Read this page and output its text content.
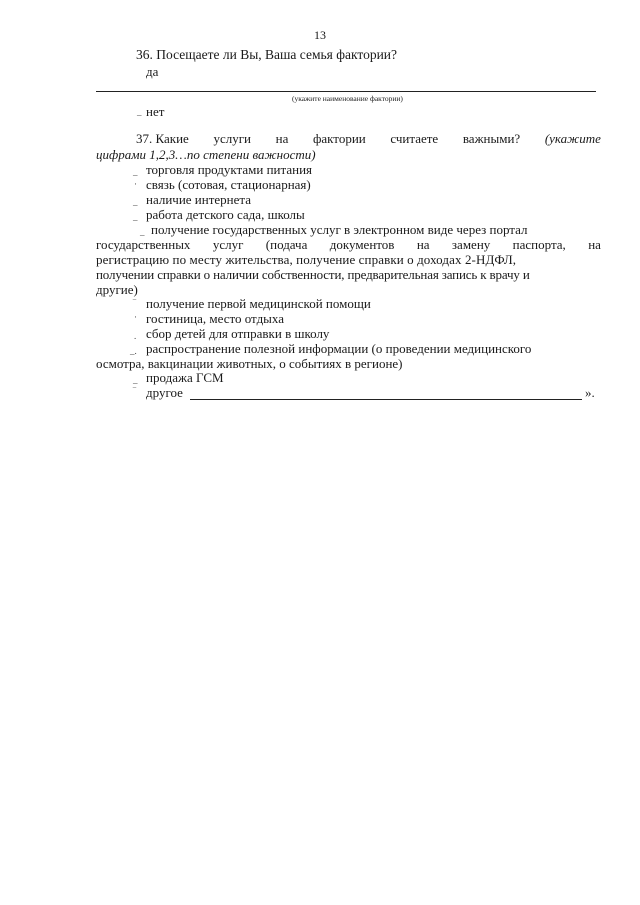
13
36. Посещаете ли Вы, Ваша семья фактории?
да
(укажите наименование фактории)
_ нет
37. Какие услуги на фактории считаете важными? (укажите
цифрами 1,2,3…по степени важности)
_ торговля продуктами питания
· связь (сотовая, стационарная)
_ наличие интернета
_ работа детского сада, школы
_ получение государственных услуг в электронном виде через портал
государственных услуг (подача документов на замену паспорта, на
регистрацию по месту жительства, получение справки о доходах 2-НДФЛ,
получении справки о наличии собственности, предварительная запись к врачу и
другие)
‾ получение первой медицинской помощи
· гостиница, место отдыха
. сбор детей для отправки в школу
_. распространение полезной информации (о проведении медицинского
осмотра, вакцинации животных, о событиях в регионе)
_ продажа ГСМ
‾ другое	».
